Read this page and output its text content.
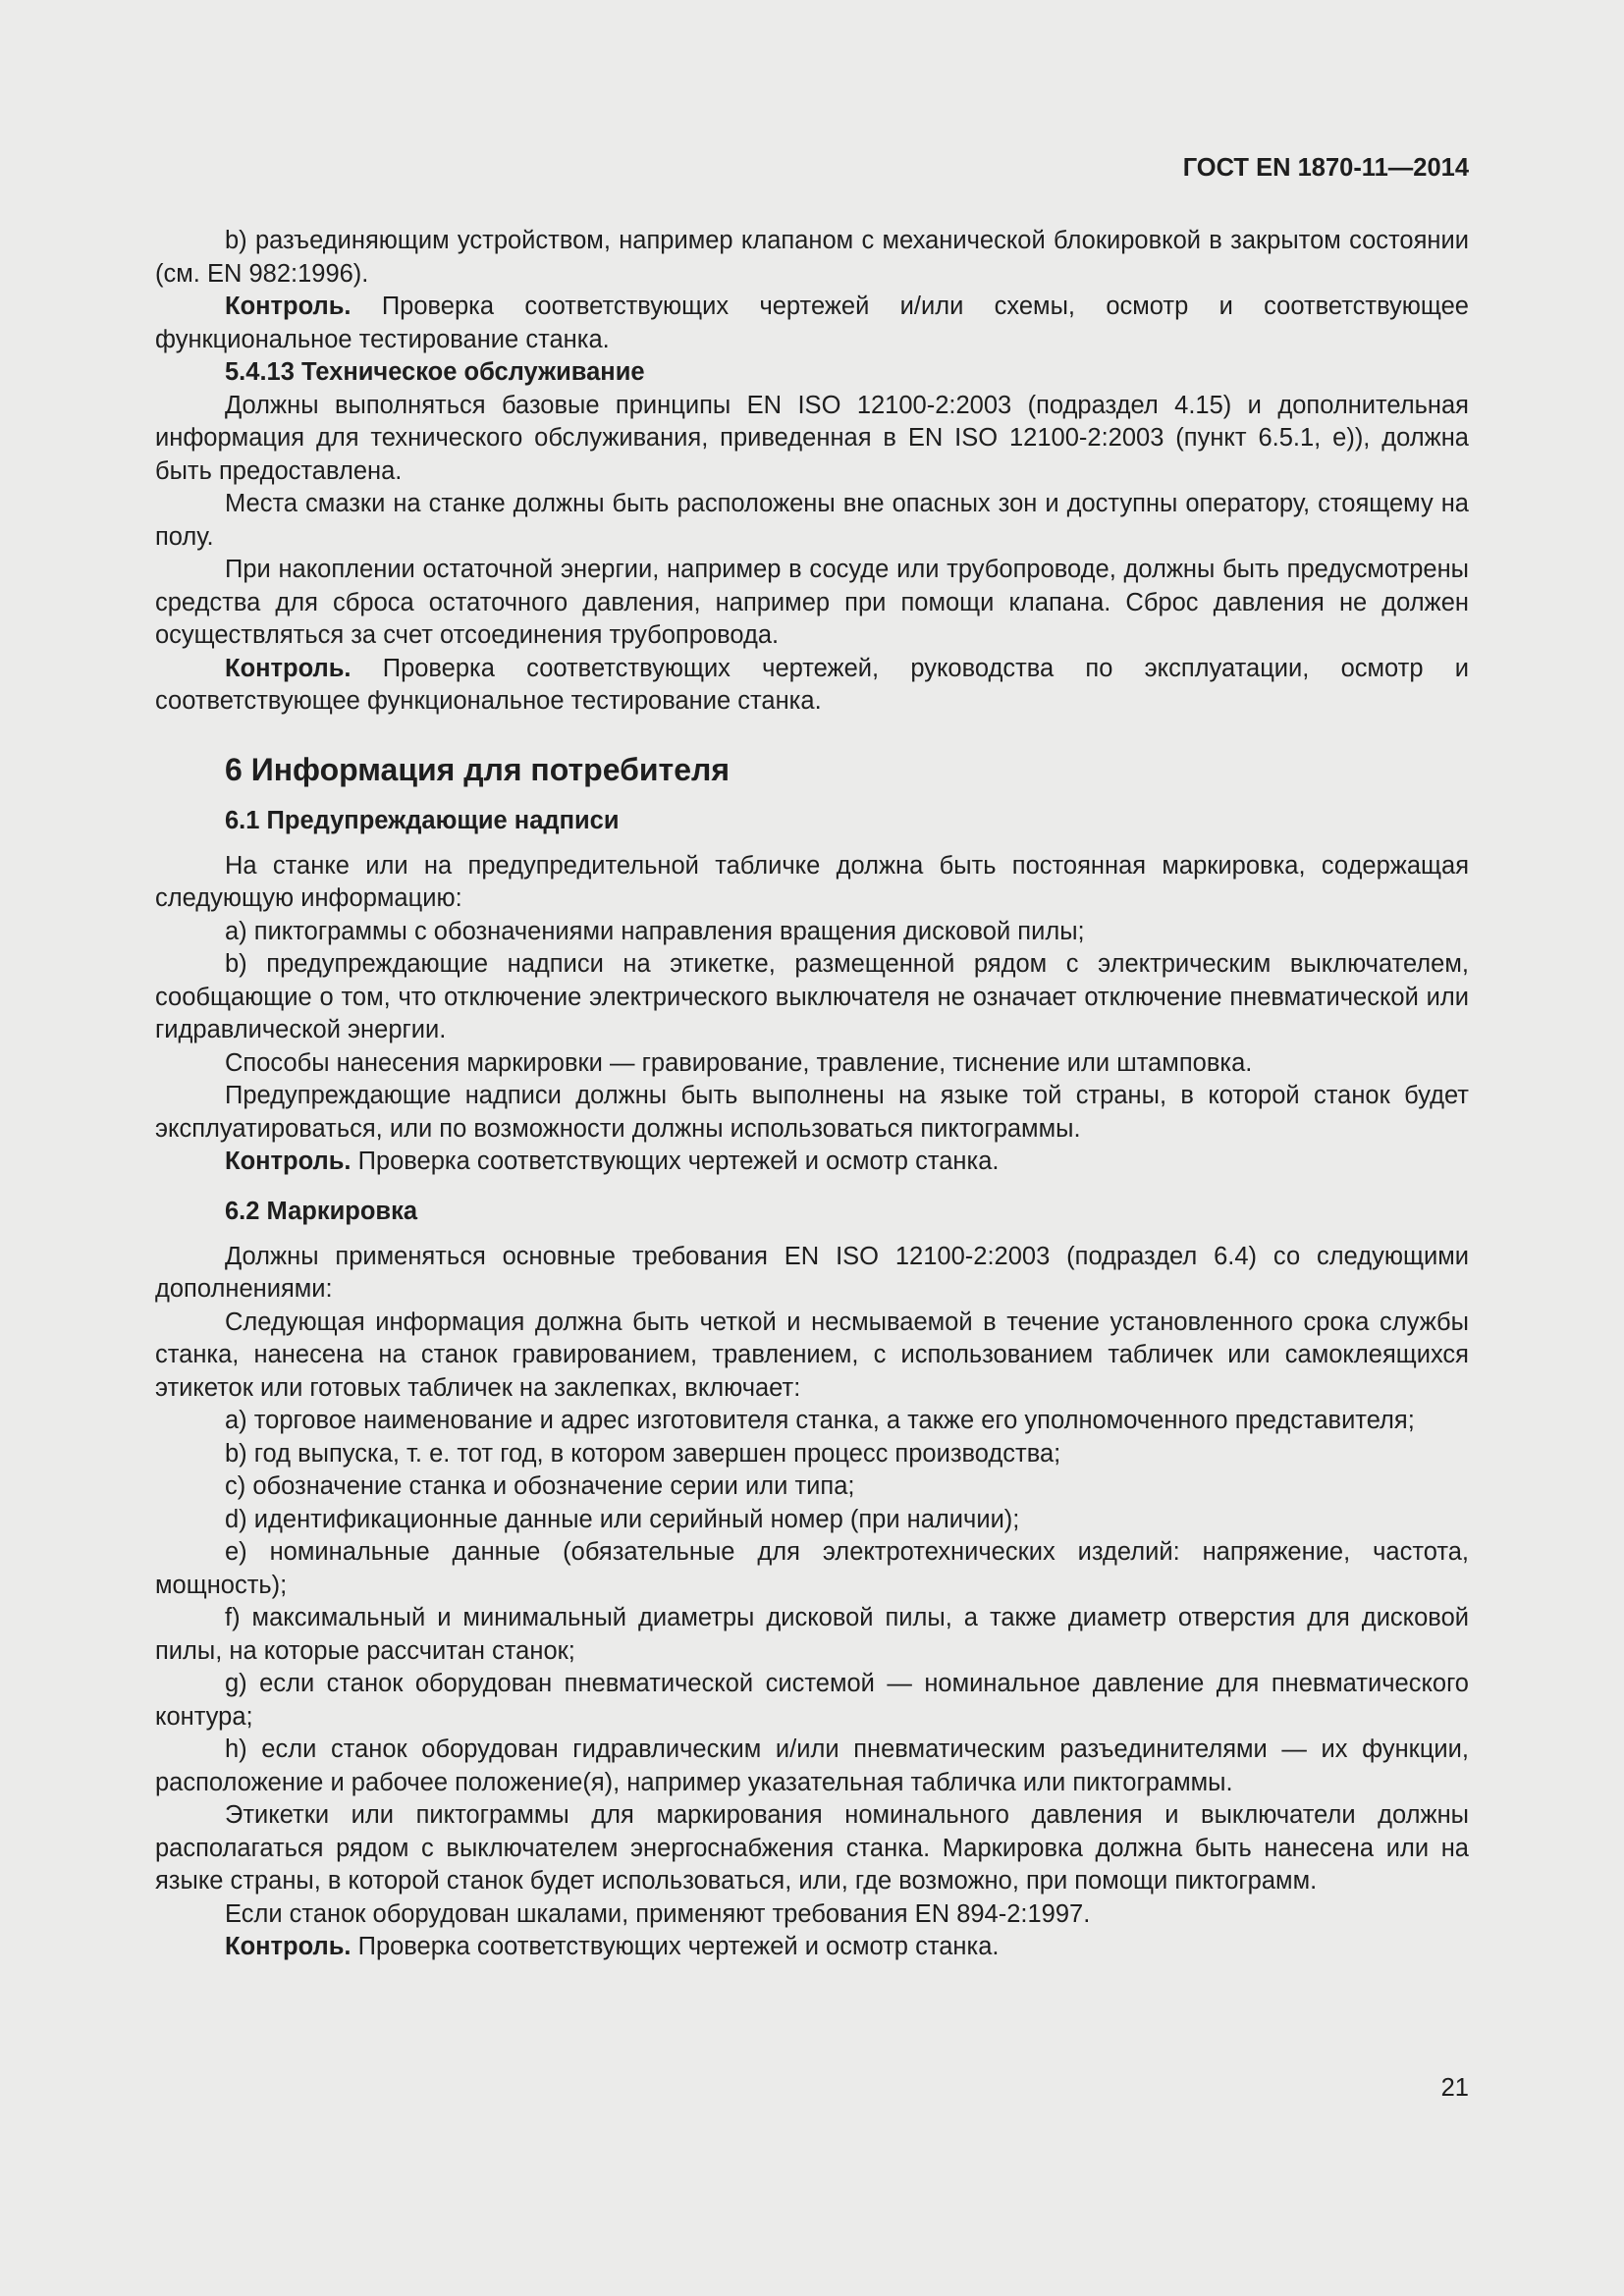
ГОСТ EN 1870-11—2014

b) разъединяющим устройством, например клапаном с механической блокировкой в закрытом состоянии (см. EN 982:1996).

Контроль. Проверка соответствующих чертежей и/или схемы, осмотр и соответствующее функциональное тестирование станка.

5.4.13 Техническое обслуживание

Должны выполняться базовые принципы EN ISO 12100-2:2003 (подраздел 4.15) и дополнительная информация для технического обслуживания, приведенная в EN ISO 12100-2:2003 (пункт 6.5.1, е)), должна быть предоставлена.

Места смазки на станке должны быть расположены вне опасных зон и доступны оператору, стоящему на полу.

При накоплении остаточной энергии, например в сосуде или трубопроводе, должны быть предусмотрены средства для сброса остаточного давления, например при помощи клапана. Сброс давления не должен осуществляться за счет отсоединения трубопровода.

Контроль. Проверка соответствующих чертежей, руководства по эксплуатации, осмотр и соответствующее функциональное тестирование станка.

6 Информация для потребителя
6.1 Предупреждающие надписи

На станке или на предупредительной табличке должна быть постоянная маркировка, содержащая следующую информацию:

а) пиктограммы с обозначениями направления вращения дисковой пилы;

b) предупреждающие надписи на этикетке, размещенной рядом с электрическим выключателем, сообщающие о том, что отключение электрического выключателя не означает отключение пневматической или гидравлической энергии.

Способы нанесения маркировки — гравирование, травление, тиснение или штамповка.

Предупреждающие надписи должны быть выполнены на языке той страны, в которой станок будет эксплуатироваться, или по возможности должны использоваться пиктограммы.

Контроль. Проверка соответствующих чертежей и осмотр станка.

6.2 Маркировка

Должны применяться основные требования EN ISO 12100-2:2003 (подраздел 6.4) со следующими дополнениями:

Следующая информация должна быть четкой и несмываемой в течение установленного срока службы станка, нанесена на станок гравированием, травлением, с использованием табличек или самоклеящихся этикеток или готовых табличек на заклепках, включает:

а) торговое наименование и адрес изготовителя станка, а также его уполномоченного представителя;

b) год выпуска, т. е. тот год, в котором завершен процесс производства;

с) обозначение станка и обозначение серии или типа;

d) идентификационные данные или серийный номер (при наличии);

е) номинальные данные (обязательные для электротехнических изделий: напряжение, частота, мощность);

f) максимальный и минимальный диаметры дисковой пилы, а также диаметр отверстия для дисковой пилы, на которые рассчитан станок;

g) если станок оборудован пневматической системой — номинальное давление для пневматического контура;

h) если станок оборудован гидравлическим и/или пневматическим разъединителями — их функции, расположение и рабочее положение(я), например указательная табличка или пиктограммы.

Этикетки или пиктограммы для маркирования номинального давления и выключатели должны располагаться рядом с выключателем энергоснабжения станка. Маркировка должна быть нанесена или на языке страны, в которой станок будет использоваться, или, где возможно, при помощи пиктограмм.

Если станок оборудован шкалами, применяют требования EN 894-2:1997.

Контроль. Проверка соответствующих чертежей и осмотр станка.

21
